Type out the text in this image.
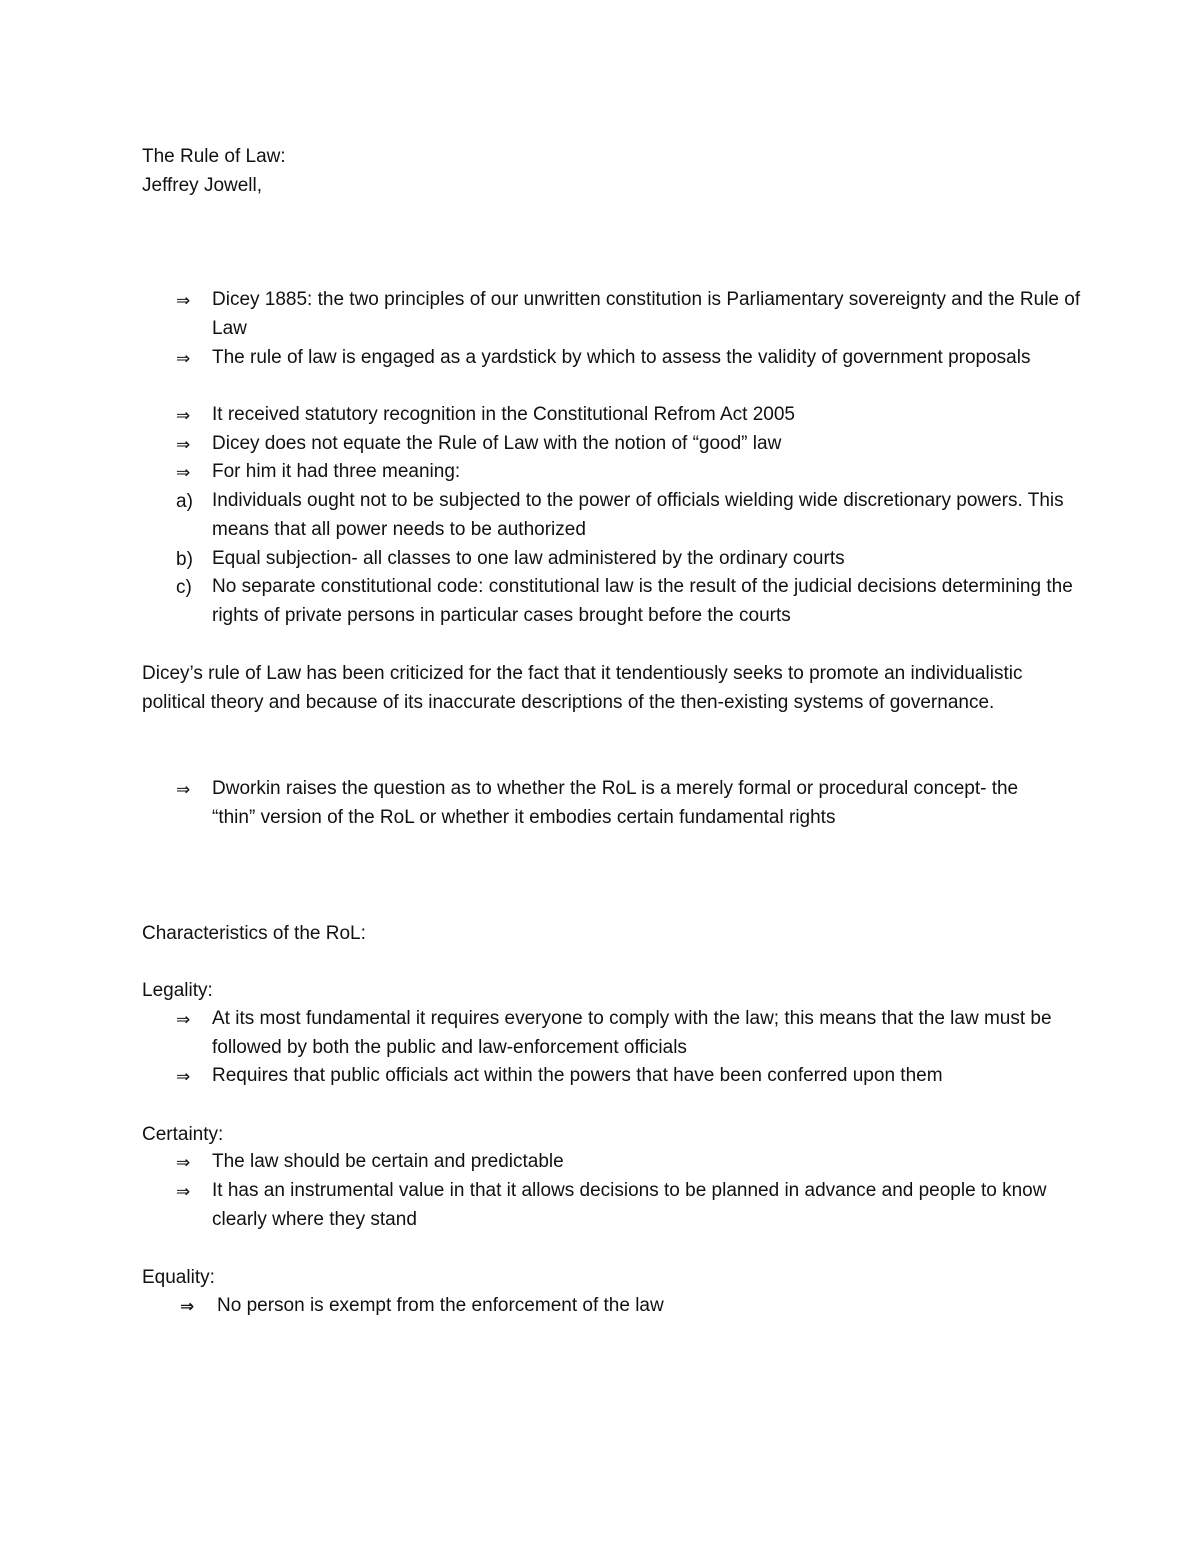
The Rule of Law:
Jeffrey Jowell,
⇒	Dicey 1885: the two principles of our unwritten constitution is Parliamentary sovereignty and the Rule of Law
⇒	The rule of law is engaged as a yardstick by which to assess the validity of government proposals
⇒	It received statutory recognition in the Constitutional Refrom Act 2005
⇒	Dicey does not equate the Rule of Law with the notion of “good” law
⇒	For him it had three meaning:
a)	Individuals ought not to be subjected to the power of officials wielding wide discretionary powers. This means that all power needs to be authorized
b)	Equal subjection- all classes to one law administered by the ordinary courts
c)	No separate constitutional code: constitutional law is the result of the judicial decisions determining the rights of private persons in particular cases brought before the courts
Dicey’s rule of Law has been criticized for the fact that it tendentiously seeks to promote an individualistic political theory and because of its inaccurate descriptions of the then-existing systems of governance.
⇒	Dworkin raises the question as to whether the RoL is a merely formal or procedural concept- the “thin” version of the RoL or whether it embodies certain fundamental rights
Characteristics of the RoL:
Legality:
⇒	At its most fundamental it requires everyone to comply with the law; this means that the law must be followed by both the public and law-enforcement officials
⇒	Requires that public officials act within the powers that have been conferred upon them
Certainty:
⇒	The law should be certain and predictable
⇒	It has an instrumental value in that it allows decisions to be planned in advance and people to know clearly where they stand
Equality:
⇒	No person is exempt from the enforcement of the law
